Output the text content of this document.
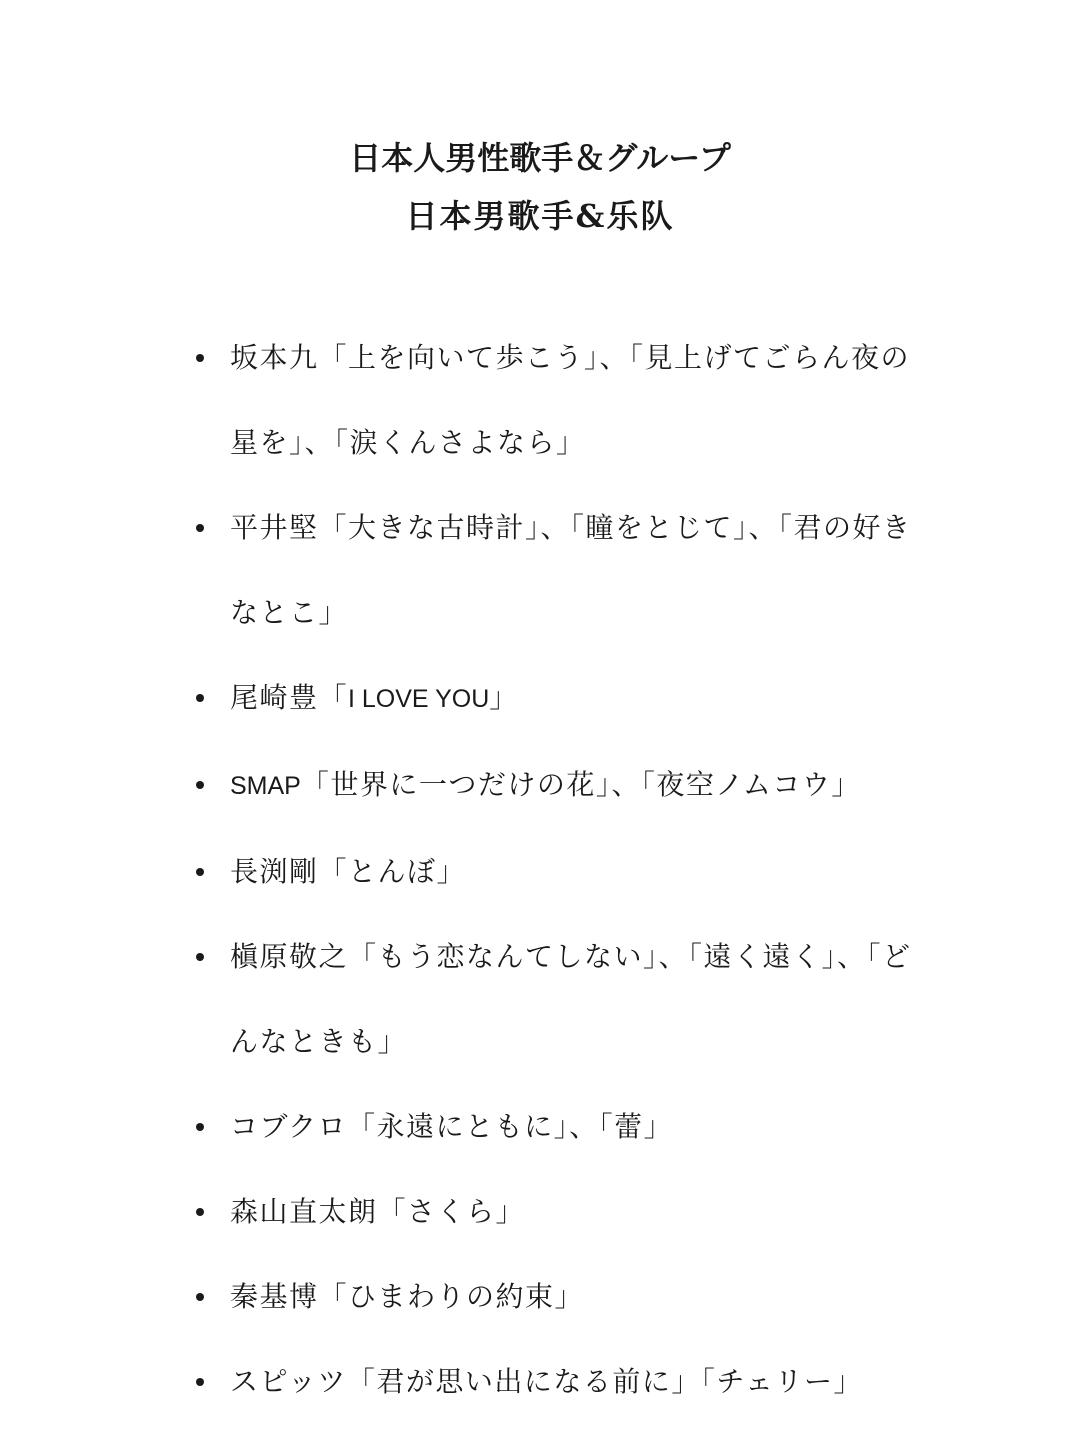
日本人男性歌手＆グループ
日本男歌手&乐队
坂本九「上を向いて歩こう」、「見上げてごらん夜の星を」、「涙くんさよなら」
平井堅「大きな古時計」、「瞳をとじて」、「君の好きなとこ」
尾崎豊「I LOVE YOU」
SMAP「世界に一つだけの花」、「夜空ノムコウ」
長渕剛「とんぼ」
槇原敬之「もう恋なんてしない」、「遠く遠く」、「どんなときも」
コブクロ「永遠にともに」、「蕾」
森山直太朗「さくら」
秦基博「ひまわりの約束」
スピッツ「君が思い出になる前に」「チェリー」
